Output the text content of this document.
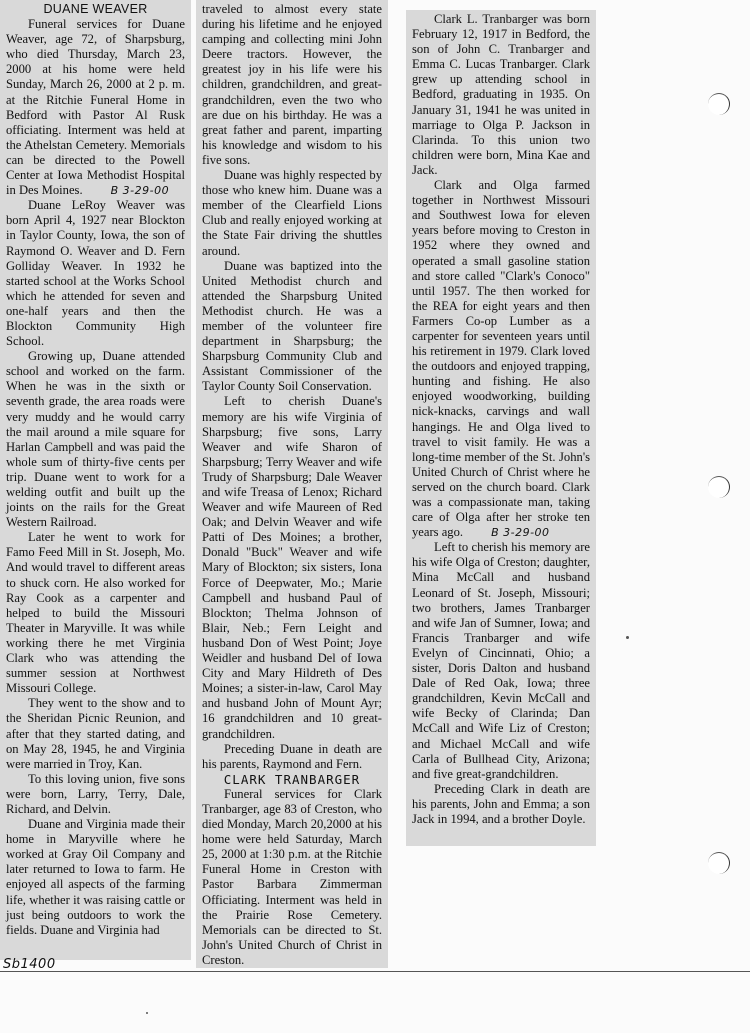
DUANE WEAVER

Funeral services for Duane Weaver, age 72, of Sharpsburg, who died Thursday, March 23, 2000 at his home were held Sunday, March 26, 2000 at 2 p. m. at the Ritchie Funeral Home in Bedford with Pastor Al Rusk officiating. Interment was held at the Athelstan Cemetery. Memorials can be directed to the Powell Center at Iowa Methodist Hospital in Des Moines.	B 3-29-00

Duane LeRoy Weaver was born April 4, 1927 near Blockton in Taylor County, Iowa, the son of Raymond O. Weaver and D. Fern Golliday Weaver. In 1932 he started school at the Works School which he attended for seven and one-half years and then the Blockton Community High School.

Growing up, Duane attended school and worked on the farm. When he was in the sixth or seventh grade, the area roads were very muddy and he would carry the mail around a mile square for Harlan Campbell and was paid the whole sum of thirty-five cents per trip. Duane went to work for a welding outfit and built up the joints on the rails for the Great Western Railroad.

Later he went to work for Famo Feed Mill in St. Joseph, Mo. And would travel to different areas to shuck corn. He also worked for Ray Cook as a carpenter and helped to build the Missouri Theater in Maryville. It was while working there he met Virginia Clark who was attending the summer session at Northwest Missouri College.

They went to the show and to the Sheridan Picnic Reunion, and after that they started dating, and on May 28, 1945, he and Virginia were married in Troy, Kan.

To this loving union, five sons were born, Larry, Terry, Dale, Richard, and Delvin.

Duane and Virginia made their home in Maryville where he worked at Gray Oil Company and later returned to Iowa to farm. He enjoyed all aspects of the farming life, whether it was raising cattle or just being outdoors to work the fields. Duane and Virginia had

traveled to almost every state during his lifetime and he enjoyed camping and collecting mini John Deere tractors. However, the greatest joy in his life were his children, grandchildren, and great-grandchildren, even the two who are due on his birthday. He was a great father and parent, imparting his knowledge and wisdom to his five sons.

Duane was highly respected by those who knew him. Duane was a member of the Clearfield Lions Club and really enjoyed working at the State Fair driving the shuttles around.

Duane was baptized into the United Methodist church and attended the Sharpsburg United Methodist church. He was a member of the volunteer fire department in Sharpsburg; the Sharpsburg Community Club and Assistant Commissioner of the Taylor County Soil Conservation.

Left to cherish Duane's memory are his wife Virginia of Sharpsburg; five sons, Larry Weaver and wife Sharon of Sharpsburg; Terry Weaver and wife Trudy of Sharpsburg; Dale Weaver and wife Treasa of Lenox; Richard Weaver and wife Maureen of Red Oak; and Delvin Weaver and wife Patti of Des Moines; a brother, Donald "Buck" Weaver and wife Mary of Blockton; six sisters, Iona Force of Deepwater, Mo.; Marie Campbell and husband Paul of Blockton; Thelma Johnson of Blair, Neb.; Fern Leight and husband Don of West Point; Joye Weidler and husband Del of Iowa City and Mary Hildreth of Des Moines; a sister-in-law, Carol May and husband John of Mount Ayr; 16 grandchildren and 10 great-grandchildren.

Preceding Duane in death are his parents, Raymond and Fern.

CLARK TRANBARGER

Funeral services for Clark Tranbarger, age 83 of Creston, who died Monday, March 20,2000 at his home were held Saturday, March 25, 2000 at 1:30 p.m. at the Ritchie Funeral Home in Creston with Pastor Barbara Zimmerman Officiating. Interment was held in the Prairie Rose Cemetery. Memorials can be directed to St. John's United Church of Christ in Creston.

Clark L. Tranbarger was born February 12, 1917 in Bedford, the son of John C. Tranbarger and Emma C. Lucas Tranbarger. Clark grew up attending school in Bedford, graduating in 1935. On January 31, 1941 he was united in marriage to Olga P. Jackson in Clarinda. To this union two children were born, Mina Kae and Jack.

Clark and Olga farmed together in Northwest Missouri and Southwest Iowa for eleven years before moving to Creston in 1952 where they owned and operated a small gasoline station and store called "Clark's Conoco" until 1957. The then worked for the REA for eight years and then Farmers Co-op Lumber as a carpenter for seventeen years until his retirement in 1979. Clark loved the outdoors and enjoyed trapping, hunting and fishing. He also enjoyed woodworking, building nick-knacks, carvings and wall hangings. He and Olga lived to travel to visit family. He was a long-time member of the St. John's United Church of Christ where he served on the church board. Clark was a compassionate man, taking care of Olga after her stroke ten years ago.	B 3-29-00

Left to cherish his memory are his wife Olga of Creston; daughter, Mina McCall and husband Leonard of St. Joseph, Missouri; two brothers, James Tranbarger and wife Jan of Sumner, Iowa; and Francis Tranbarger and wife Evelyn of Cincinnati, Ohio; a sister, Doris Dalton and husband Dale of Red Oak, Iowa; three grandchildren, Kevin McCall and wife Becky of Clarinda; Dan McCall and Wife Liz of Creston; and Michael McCall and wife Carla of Bullhead City, Arizona; and five great-grandchildren.

Preceding Clark in death are his parents, John and Emma; a son Jack in 1994, and a brother Doyle.

Sb1400
